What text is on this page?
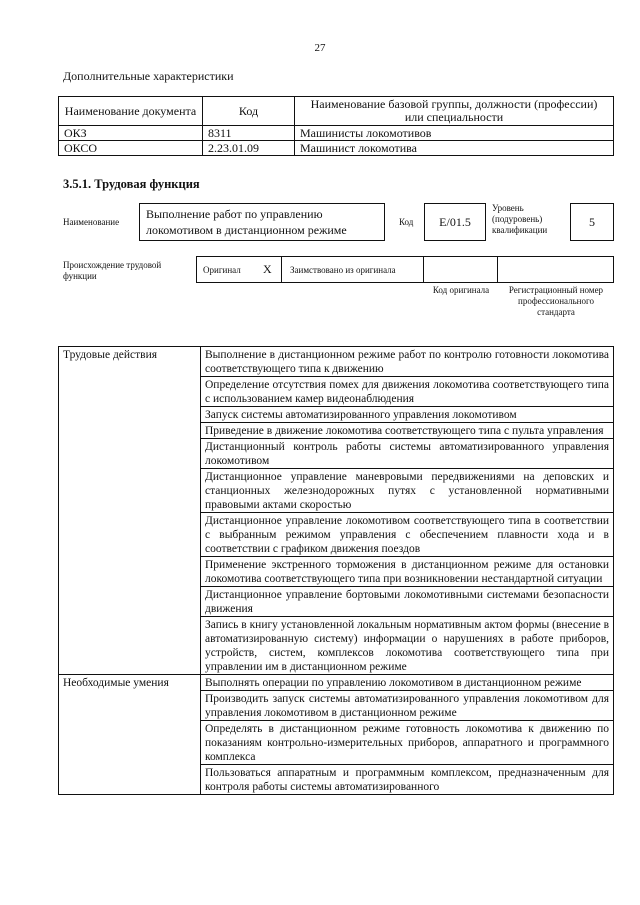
27
Дополнительные характеристики
Наименование документа	Код	Наименование базовой группы, должности (профессии) или специальности
ОКЗ	8311	Машинисты локомотивов
ОКСО	2.23.01.09	Машинист локомотива
3.5.1. Трудовая функция
Наименование
Выполнение работ по управлению локомотивом в дистанционном режиме
Код	E/01.5
Уровень (подуровень) квалификации
5
Происхождение трудовой функции
Оригинал X Заимствовано из оригинала
Код оригинала	Регистрационный номер профессионального стандарта
Трудовые действия	Выполнение в дистанционном режиме работ по контролю готовности локомотива соответствующего типа к движению
	Определение отсутствия помех для движения локомотива соответствующего типа с использованием камер видеонаблюдения
	Запуск системы автоматизированного управления локомотивом
	Приведение в движение локомотива соответствующего типа с пульта управления
	Дистанционный контроль работы системы автоматизированного управления локомотивом
	Дистанционное управление маневровыми передвижениями на деповских и станционных железнодорожных путях с установленной нормативными правовыми актами скоростью
	Дистанционное управление локомотивом соответствующего типа в соответствии с выбранным режимом управления с обеспечением плавности хода и в соответствии с графиком движения поездов
	Применение экстренного торможения в дистанционном режиме для остановки локомотива соответствующего типа при возникновении нестандартной ситуации
	Дистанционное управление бортовыми локомотивными системами безопасности движения
	Запись в книгу установленной локальным нормативным актом формы (внесение в автоматизированную систему) информации о нарушениях в работе приборов, устройств, систем, комплексов локомотива соответствующего типа при управлении им в дистанционном режиме
Необходимые умения	Выполнять операции по управлению локомотивом в дистанционном режиме
	Производить запуск системы автоматизированного управления локомотивом для управления локомотивом в дистанционном режиме
	Определять в дистанционном режиме готовность локомотива к движению по показаниям контрольно-измерительных приборов, аппаратного и программного комплекса
	Пользоваться аппаратным и программным комплексом, предназначенным для контроля работы системы автоматизированного
